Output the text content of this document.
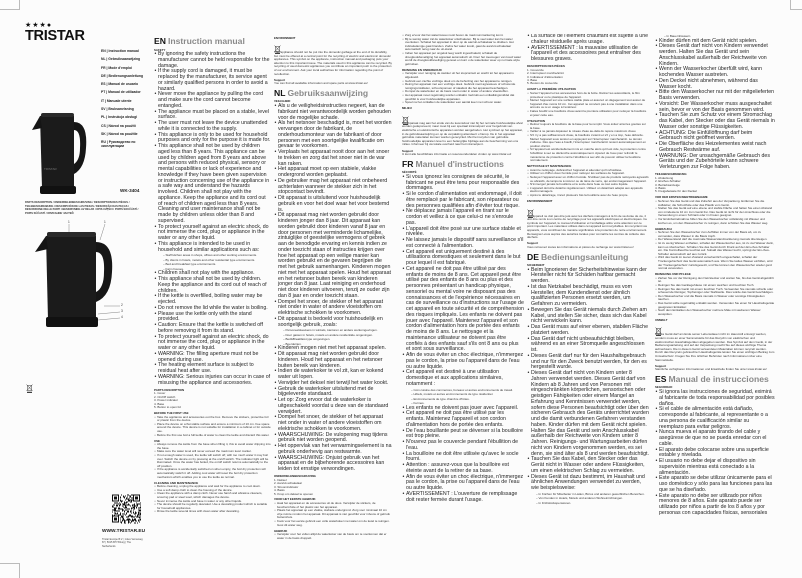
★★★●
TRISTAR
EN | Instruction manual
NL | Gebruiksaanwijzing
FR | Mode d'emploi
DE | Bedienungsanleitung
ES | Manual de usuario
PT | Manual de utilizador
IT | Manuale utente
SV | Bruksanvisning
PL | Instrukcja obsługi
CS | Návod na použití
SK | Návod na použitie
RU | Руководство по эксплуатации
TRISTAR
WK-3404
PARTS DESCRIPTION / ONDERDELENBESCHRIJVING / DESCRIPTION DES PIÈCES / TEILEBESCHREIBUNG / DESCRIPCIÓN DE LAS PIEZAS / DESCRIÇÃO DAS PEÇAS / DESCRIZIONE DELLE PARTI / BESKRIVNING AV DELAR / OPIS CZĘŚCI / POPIS SOUČÁSTÍ / POPIS SÚČASTÍ / ОПИСАНИЕ ЧАСТЕЙ
1	1
2
3
4
WWW.TRISTAR.EU
Tristar Europe B.V. | Jules Verneweg 87 | 5015 BH Tilburg | The Netherlands
EN Instruction manual
SAFETY
• By ignoring the safety instructions the manufacturer cannot be held responsible for the damage.
• If the supply cord is damaged, it must be replaced by the manufacturer, its service agent or similarly qualified persons in order to avoid a hazard.
• Never move the appliance by pulling the cord and make sure the cord cannot become entangled.
• The appliance must be placed on a stable, level surface.
• The user must not leave the device unattended while it is connected to the supply.
• This appliance is only to be used for household purposes and only for the purpose it is made for.
• This appliance shall not be used by children aged less than 8 years. This appliance can be used by children aged from 8 years and above and persons with reduced physical, sensory or mental capabilities or lack of experience and knowledge if they have been given supervision or instruction concerning use of the appliance in a safe way and understand the hazards involved. Children shall not play with the appliance. Keep the appliance and its cord out of reach of children aged less than 8 years. Cleaning and user maintenance shall not be made by children unless older than 8 and supervised.
• To protect yourself against an electric shock, do not immerse the cord, plug or appliance in the water or any other liquid.
• This appliance is intended to be used in household and similar applications such as:
– Staff kitchen areas in shops, offices and other working environments.
– By clients in hotels, motels and other residential type environments.
– Bed and breakfast type environments.
– Farm houses.
• Children shall not play with the appliance.
• This appliance shall not be used by children. Keep the appliance and its cord out of reach of children.
• If the kettle is overfilled, boiling water may be ejected.
• Do not remove the lid while the water is boiling.
• Please use the kettle only with the stand provided.
• Caution: Ensure that the kettle is switched off before removing it from its stand.
• To protect yourself against an electric shock, do not immerse the cord, plug or appliance in the water or any other liquid.
• WARNING: The filling aperture must not be opened during use.
• The heating element surface is subject to residual heat after use.
• WARNING: Serious injuries can occur in case of misusing the appliance and accessories.
PARTS DESCRIPTION
1. Cover
2. On/Off switch
3. Power indicator
4. Base
5. Button to open lid
BEFORE THE FIRST USE
• Take the appliance and accessories out the box. Remove the stickers, protective foil or plastic from the device.
• Place the device on a flat stable surface and ensure a minimum of 10 cm. free space around the device. This device is not suitable for installation in a cabinet or for outside use.
• Before the first use boil a full kettle of water to clean the kettle and discard this water.
USE
• Always remove the kettle from the base when filling it, this to avoid water dripping into the base.
• Make sure the water level will never exceed the maximum level marker.
• If not enough water is used, the kettle will switch off, with too much water it may boil over. Switch the device on by pressing at the on/off switch. The indicator light will be illuminated. Once the water has boiled, the on/off switch returns automatically to the off position.
• If the appliance is accidentally switched on when empty, the boil dry protection will automatically switch it off. Adding cool water will reset the boil dry protection mechanism which enables you to use the kettle as normal.
CLEANING AND MAINTENANCE
• Before cleaning, unplug the appliance and wait for the appliance to cool down.
• Use a soft damp cloth to clean the housing of the device.
• Clean the appliance with a damp cloth. Never use harsh and abrasive cleaners, scouring pad or steel wool, which damages the device.
• Never immerse the kettle and base in water or any other liquids.
• The device should be regularly descaled. Use a descaling product which is suitable for household appliances.
• Rinse the kettle several times with clean water after descaling.
ENVIRONMENT
This appliance should not be put into the domestic garbage at the end of its durability, but must be offered at a central point for the recycling of electric and electronic domestic appliances. This symbol on the appliance, instruction manual and packaging puts your attention to this important issue. The materials used in this appliance can be recycled. By recycling of used domestic appliances you contribute an important push to the protection of our environment. Ask your local authorities for information regarding the point of recollection.
Support
You can find all available information and spare parts at www.tristar.eu!
NL Gebruiksaanwijzing
VEILIGHEID
• Als u de veiligheidsinstructies negeert, kan de fabrikant niet verantwoordelijk worden gehouden voor de mogelijke schade.
• Als het netsnoer beschadigd is, moet het worden vervangen door de fabrikant, de onderhoudsmonteur van de fabrikant of door personen met een soortgelijke kwalificatie om gevaar te voorkomen.
• Verplaats het apparaat nooit door aan het snoer te trekken en zorg dat het snoer niet in de war kan raken.
• Het apparaat moet op een stabiele, vlakke ondergrond worden geplaatst.
• De gebruiker mag het apparaat niet onbeheerd achterlaten wanneer de stekker zich in het stopcontact bevindt.
• Dit apparaat is uitsluitend voor huishoudelijk gebruik en voor het doel waar het voor bestemd is.
• Dit apparaat mag niet worden gebruikt door kinderen jonger dan 8 jaar. Dit apparaat kan worden gebruikt door kinderen vanaf 8 jaar en door personen met verminderde lichamelijke, zintuiglijke of geestelijke vermogens of gebrek aan de benodigde ervaring en kennis indien ze onder toezicht staan of instructies krijgen over hoe het apparaat op een veilige manier kan worden gebruikt en de gevaren begrijpen die met het gebruik samenhangen. Kinderen mogen niet met het apparaat spelen. Houd het apparaat en het netsnoer buiten bereik van kinderen jonger dan 8 jaar. Laat reiniging en onderhoud niet door kinderen uitvoeren, tenzij ze ouder zijn dan 8 jaar en onder toezicht staan.
• Dompel het snoer, de stekker of het apparaat niet onder in water of andere vloeistoffen om elektrische schokken te voorkomen.
• Dit apparaat is bedoeld voor huishoudelijk en soortgelijk gebruik, zoals:
– Personeelskeukens in winkels, kantoren en andere werkomgevingen.
– Door gasten in hotels, motels en andere residentiële omgevingen.
– Bed&Breakfast-type omgevingen.
– Boerderijen.
• Kinderen mogen niet met het apparaat spelen.
• Dit apparaat mag niet worden gebruikt door kinderen. Houd het apparaat en het netsnoer buiten bereik van kinderen.
• Indien de waterkoker te vol zit, kan er kokend water uit lopen.
• Verwijder het deksel niet terwijl het water kookt.
• Gebruik de waterkoker uitsluitend met de bijgeleverde standaard.
• Let op: Zorg ervoor dat de waterkoker is uitgeschakeld voordat u deze van de standaard verwijdert.
• Dompel het snoer, de stekker of het apparaat niet onder in water of andere vloeistoffen om elektrische schokken te voorkomen.
• WAARSCHUWING: De vulopening mag tijdens gebruik niet worden geopend.
• Het oppervlak van het verwarmingselement is na gebruik onderhevig aan restwarmte.
• WAARSCHUWING: Onjuist gebruik van het apparaat en de bijbehorende accessoires kan leiden tot ernstige verwondingen.
ONDERDELENBESCHRIJVING
1. Deksel
2. Aan/uit-schakelaar
3. Stroomindicator
4. Basis
5. Knop om deksel te openen
VOOR HET EERSTE GEBRUIK
• Haal het apparaat en de accessoires uit de doos. Verwijder de stickers, de beschermfolie of het plastic van het apparaat.
• Plaats het apparaat op een vlakke, stabiele ondergrond. Zorg voor minimaal 10 cm vrije ruimte rondom het apparaat. Dit apparaat is niet geschikt voor inbouw of gebruik buitenshuis.
• Kook voor het eerste gebruik een volle waterkoker met water om de ketel te reinigen. Gooi dit water weg.
GEBRUIK
• Verwijder voor het vullen altijd de waterkoker van de basis om te voorkomen dat er water in de basis druppelt.
• Zorg ervoor dat het waterniveau nooit boven de maximummarkering komt.
• Bij te weinig water zal de waterkoker uitschakelen. Bij te veel water kan het water overkoken. Schakel het apparaat in door op de aan/uit-schakelaar te drukken. Het indicatielampje gaat branden. Zodra het water kookt, gaat de aan/uit-schakelaar automatisch terug naar de uit-stand.
• Indien het apparaat per ongeluk leeg wordt ingeschakeld, schakelt de droogkookbeveiliging het apparaat automatisch uit. Door het toevoegen van koud water wordt de droogkookbeveiliging gereset en kunt u de waterkoker weer op normale wijze gebruiken.
REINIGING EN ONDERHOUD
• Verwijder voor reiniging de stekker uit het stopcontact en wacht tot het apparaat is afgekoeld.
• Gebruik een zachte vochtige doek om de behuizing van het apparaat te reinigen.
• Reinig het apparaat met een vochtige doek. Gebruik nooit agressieve of schurende reinigingsmiddelen, schuursponsen of staalwol die het apparaat beschadigen.
• Dompel de waterkoker en de basis nooit onder in water of andere vloeistoffen.
• Het apparaat moet regelmatig worden ontkalkt. Gebruik een ontkalkingsmiddel dat geschikt is voor huishoudelijke apparaten.
• Spoel na het ontkalken de waterkoker een aantal keer met schoon water.
MILIEU
Dit apparaat mag aan het einde van de levensduur niet bij het normale huishoudelijke afval worden gedeponeerd, maar moet bij een speciaal inzamelpunt voor hergebruik van elektrische en elektronische apparaten worden aangeboden. Het symbool op het apparaat, in de gebruiksaanwijzing en op de verpakking attendeert u hierop. De in het apparaat gebruikte materialen kunnen worden gerecycled. Met het recyclen van gebruikte huishoudelijke apparaten levert u een belangrijke bijdrage aan de bescherming van ons milieu. Informeer bij uw lokale overheid naar het inzamelpunt.
Support
U kunt alle beschikbare informatie en reserveonderdelen vinden op www.tristar.eu!
FR Manuel d'instructions
SÉCURITÉ
• Si vous ignorez les consignes de sécurité, le fabricant ne peut être tenu pour responsable des dommages.
• Si le cordon d'alimentation est endommagé, il doit être remplacé par le fabricant, son réparateur ou des personnes qualifiées afin d'éviter tout risque.
• Ne déplacez jamais l'appareil en tirant sur le cordon et veillez à ce que celui-ci ne s'enroule pas.
• L'appareil doit être posé sur une surface stable et nivelée.
• Ne laissez jamais le dispositif sans surveillance s'il est connecté à l'alimentation.
• Cet appareil est uniquement destiné à des utilisations domestiques et seulement dans le but pour lequel il est fabriqué.
• Cet appareil ne doit pas être utilisé par des enfants de moins de 8 ans. Cet appareil peut être utilisé par des enfants de 8 ans ou plus et des personnes présentant un handicap physique, sensoriel ou mental voire ne disposant pas des connaissances et de l'expérience nécessaires en cas de surveillance ou d'instructions sur l'usage de cet appareil en toute sécurité et de compréhension des risques impliqués. Les enfants ne doivent pas jouer avec l'appareil. Maintenez l'appareil et son cordon d'alimentation hors de portée des enfants de moins de 8 ans. Le nettoyage et la maintenance utilisateur ne doivent pas être confiés à des enfants sauf s'ils ont 8 ans ou plus et sont sous surveillance.
• Afin de vous éviter un choc électrique, n'immergez pas le cordon, la prise ou l'appareil dans de l'eau ou autre liquide.
• Cet appareil est destiné à une utilisation domestique et aux applications similaires, notamment :
– Coin cuisine des commerces, bureaux et autres environnements de travail.
– Hôtels, motels et autres environnements de type résidentiel.
– Environnements de type chambre d'hôtes.
– Fermes.
• Les enfants ne doivent pas jouer avec l'appareil.
• Cet appareil ne doit pas être utilisé par les enfants. Maintenez l'appareil et son cordon d'alimentation hors de portée des enfants.
• De l'eau bouillante peut se déverser si la bouilloire est trop pleine.
• N'ouvrez pas le couvercle pendant l'ébullition de l'eau.
• La bouilloire ne doit être utilisée qu'avec le socle fourni.
• Attention : assurez-vous que la bouilloire est éteinte avant de la retirer de sa base.
• Afin de vous éviter un choc électrique, n'immergez pas le cordon, la prise ou l'appareil dans de l'eau ou autre liquide.
• AVERTISSEMENT : L'ouverture de remplissage doit rester fermée durant l'usage.
• La surface de l'élément chauffant est sujette à une chaleur résiduelle après usage.
• AVERTISSEMENT : la mauvaise utilisation de l'appareil et des accessoires peut entraîner des blessures graves.
DESCRIPTION DES PIÈCES
1. Couvercle
2. Interrupteur marche/arrêt
3. Indicateur d'alimentation
4. Base
5. Bouton du couvercle
AVANT LA PREMIÈRE UTILISATION
• Sortez l'appareil et les accessoires hors de la boîte. Retirez les autocollants, le film protecteur ou le plastique de l'appareil.
• Mettez l'appareil sur une surface stable plate et assurez un dégagement tout autour de l'appareil d'au moins 10 cm. Cet appareil ne convient pas à une installation dans une armoire ou à un usage à l'extérieur.
• Faites bouillir une bouilloire d'eau avant la première utilisation pour nettoyer la bouilloire et jetez cette eau.
UTILISATION
• Retirez toujours la bouilloire de la base pour la remplir. Vous évitez ainsi les gouttes sur la base.
• Veillez à ne jamais dépasser le niveau d'eau au-delà du repère maximum d'eau.
• S'il n'y a pas suffisamment d'eau, la bouilloire s'éteint et s'il y en a trop, l'eau déborde. Mettez l'appareil sous tension en appuyant sur l'interrupteur marche/arrêt. Le témoin s'allume. Dès que l'eau a bouilli, l'interrupteur marche/arrêt revient automatiquement en position d'arrêt.
• Si l'appareil est accidentellement mis en marche alors qu'il est vide, la protection contre l'ébullition à sec se déclenche automatiquement. Ajoutez de l'eau pour refroidir le mécanisme de protection contre l'ébullition à sec afin de pouvoir utiliser la bouilloire normalement.
NETTOYAGE ET MAINTENANCE
• Avant le nettoyage, débranchez l'appareil et attendez qu'il refroidisse.
• Utilisez un chiffon doux humide pour nettoyer les surfaces de l'appareil.
• Nettoyez l'appareil avec un chiffon humide. N'utilisez pas de produits nettoyants agressifs ou abrasifs, de tampons à récurer ou de laine de verre, qui endommageraient l'appareil.
• N'immergez jamais la bouilloire et le socle dans l'eau ou tout autre liquide.
• L'appareil doit être détartré régulièrement. Utilisez un détartrant adapté aux appareils électroménagers.
• Après le détartrage, rincez plusieurs fois la bouilloire avec de l'eau propre.
ENVIRONNEMENT
Cet appareil ne doit pas être jeté avec les déchets ménagers à la fin de sa durée de vie, il doit être remis à un centre de recyclage pour les appareils électriques et électroniques. Ce symbole sur l'appareil, le manuel d'utilisation et l'emballage attire votre attention sur ce point important. Les matériaux utilisés dans cet appareil sont recyclables. En recyclant vos appareils, vous contribuez de manière significative à la protection de notre environnement. Renseignez-vous auprès des autorités locales pour connaître les centres de collecte des déchets.
Support
Vous retrouvez toutes les informations et pièces de rechange sur www.tristar.eu!
DE Bedienungsanleitung
SICHERHEIT
• Beim Ignorieren der Sicherheitshinweise kann der Hersteller nicht für Schäden haftbar gemacht werden.
• Ist das Netzkabel beschädigt, muss es vom Hersteller, dem Kundendienst oder ähnlich qualifizierten Personen ersetzt werden, um Gefahren zu vermeiden.
• Bewegen Sie das Gerät niemals durch Ziehen am Kabel, und stellen Sie sicher, dass sich das Kabel nicht verwickeln kann.
• Das Gerät muss auf einer ebenen, stabilen Fläche platziert werden.
• Das Gerät darf nicht unbeaufsichtigt bleiben, während es an einer Stromquelle angeschlossen ist.
• Dieses Gerät darf nur für den Haushaltsgebrauch und nur für den Zweck benutzt werden, für den es hergestellt wurde.
• Dieses Gerät darf nicht von Kindern unter 8 Jahren verwendet werden. Dieses Gerät darf von Kindern ab 8 Jahren und von Personen mit eingeschränkten körperlichen, sensorischen oder geistigen Fähigkeiten oder einem Mangel an Erfahrung und Kenntnissen verwendet werden, sofern diese Personen beaufsichtigt oder über den sicheren Gebrauch des Geräts unterrichtet wurden und die damit verbundenen Gefahren verstanden haben. Kinder dürfen mit dem Gerät nicht spielen. Halten Sie das Gerät und sein Anschlusskabel außerhalb der Reichweite von Kindern unter 8 Jahren. Reinigungs- und Wartungsarbeiten dürfen nicht von Kindern vorgenommen werden, es sei denn, sie sind älter als 8 und werden beaufsichtigt.
• Tauchen Sie das Kabel, den Stecker oder das Gerät nicht in Wasser oder andere Flüssigkeiten, um einen elektrischen Schlag zu vermeiden.
• Dieses Gerät ist dazu bestimmt, im Haushalt und ähnlichen Anwendungen verwendet zu werden, wie beispielsweise:
– In Küchen für Mitarbeiter in Läden, Büros und anderen gewerblichen Bereichen.
– Von Kunden in Hotels, Motels und anderen Wohneinrichtungen.
– In Frühstückspensionen.
– In Bauernhäusern.
• Kinder dürfen mit dem Gerät nicht spielen.
• Dieses Gerät darf nicht von Kindern verwendet werden. Halten Sie das Gerät und sein Anschlusskabel außerhalb der Reichweite von Kindern.
• Wenn der Wasserkocher überfüllt wird, kann kochendes Wasser austreten.
• Den Deckel nicht abnehmen, während das Wasser kocht.
• Bitte den Wasserkocher nur mit der mitgelieferten Basis verwenden.
• Vorsicht: Der Wasserkocher muss ausgeschaltet sein, bevor er von der Basis genommen wird.
• Tauchen Sie zum Schutz vor einem Stromschlag das Kabel, den Stecker oder das Gerät niemals in Wasser oder sonstige Flüssigkeiten.
• ACHTUNG: Die Einfüllöffnung darf beim Gebrauch nicht geöffnet werden.
• Die Oberfläche des Heizelementes weist nach Gebrauch Restwärme auf.
• WARNUNG: Der unsachgemäße Gebrauch des Geräts und der Zubehörteile kann schwere Verletzungen zur Folge haben.
TEILEBESCHREIBUNG
1. Abdeckung
2. Ein/Aus-Schalter
3. Betriebsanzeige
4. Basis
5. Freigabetaste für den Deckel
VOR DER ERSTEN INBETRIEBNAHME
• Nehmen Sie das Gerät und das Zubehör aus der Verpackung. Entfernen Sie die Aufkleber, die Schutzfolie oder das Plastik vom Gerät.
• Stellen Sie das Gerät auf eine ebene und stabile Fläche und halten Sie einen Abstand von mindestens 10 cm zum Gerät frei. Das Gerät ist nicht für den Anschluss oder die Verwendung in einem Schrank oder im Freien geeignet.
• Vor Erstinbetriebnahme füllen Sie den Wasserkocher vollständig mit Wasser und kochen es, um den Wasserkocher zu reinigen, dann schütten Sie das Wasser weg.
GEBRAUCH
• Nehmen Sie den Wasserkocher zum Auffüllen immer von der Basis ab, um zu vermeiden, dass Wasser in die Basis tropft.
• Der Wasserstand darf die maximale Wasserstandmarkierung niemals übersteigen.
• Ist zu wenig Wasser enthalten, schaltet der Wasserkocher aus, ist zu viel Wasser darin, kann es überkochen. Schalten Sie das Gerät durch Druck auf den Ein-/Aus-Schalter ein. Die Kontrollleuchte leuchtet auf. Sobald das Wasser kocht, springt der Ein-/Aus-Schalter automatisch auf aus zurück.
• Wird das Gerät im leeren Zustand versehentlich eingeschaltet, schaltet der Trockengehschutz das Gerät automatisch aus. Wenn Sie kaltes Wasser einfüllen, wird der Trockengehschutz zurückgesetzt, und Sie können den Wasserkocher wieder ganz normal verwenden.
REINIGUNG UND PFLEGE
• Ziehen Sie vor der Reinigung den Netzstecker und warten Sie, bis das Gerät abgekühlt ist.
• Reinigen Sie das Gerätegehäuse mit einem weichen und feuchten Tuch.
• Reinigen Sie das Gerät mit einem feuchten Tuch. Verwenden Sie niemals scharfe oder scheuernde Reiniger, Topfreiniger oder Stahlwolle. Dies würde das Gerät beschädigen.
• Den Wasserkocher und die Basis niemals in Wasser oder sonstige Flüssigkeiten tauchen.
• Das Gerät sollte regelmäßig entkalkt werden. Verwenden Sie einen für Haushaltsgeräte geeigneten Entkalker.
• Nach dem Entkalken den Wasserkocher mehrere Male mit sauberem Wasser ausspülen.
UMWELT
Dieses Gerät darf am Ende seiner Lebensdauer nicht im Hausmüll entsorgt werden, sondern muss an einer Sammelstelle für das Recyclin von elektrischen und elektronischen Haushaltsgeräten abgegeben werden. Das Symbol auf dem Gerät, in der Bedienungsanleitung und auf der Verpackung macht Sie auf dieses wichtige Thema aufmerksam. Die in diesem Gerät verwendeten Materialien können recycelt werden. Durch das Recyceln gebrauchter Haushaltsgeräte leisten Sie einen wichtigen Beitrag zum Umweltschutz. Fragen Sie Ihre örtlichen Behörden nach Informationen über eine Sammelstelle.
Support
Sämtliche verfügbaren Informationen und Ersatzteile finden Sie unter www.tristar.eu!
ES Manual de instrucciones
SEGURIDAD
• Si ignora las instrucciones de seguridad, eximirá al fabricante de toda responsabilidad por posibles daños.
• Si el cable de alimentación está dañado, corresponde al fabricante, al representante o a una persona de cualificación similar su reemplazo para evitar peligros.
• Nunca mueva el aparato tirando del cable y asegúrese de que no se pueda enredar con el cable.
• El aparato debe colocarse sobre una superficie estable y nivelada.
• El usuario no debe dejar el dispositivo sin supervisión mientras está conectado a la alimentación.
• Este aparato se debe utilizar únicamente para el uso doméstico y sólo para las funciones para las que se ha diseñado.
• Este aparato no debe ser utilizado por niños menores de 8 años. Este aparato puede ser utilizado por niños a partir de los 8 años y por personas con capacidades físicas, sensoriales
